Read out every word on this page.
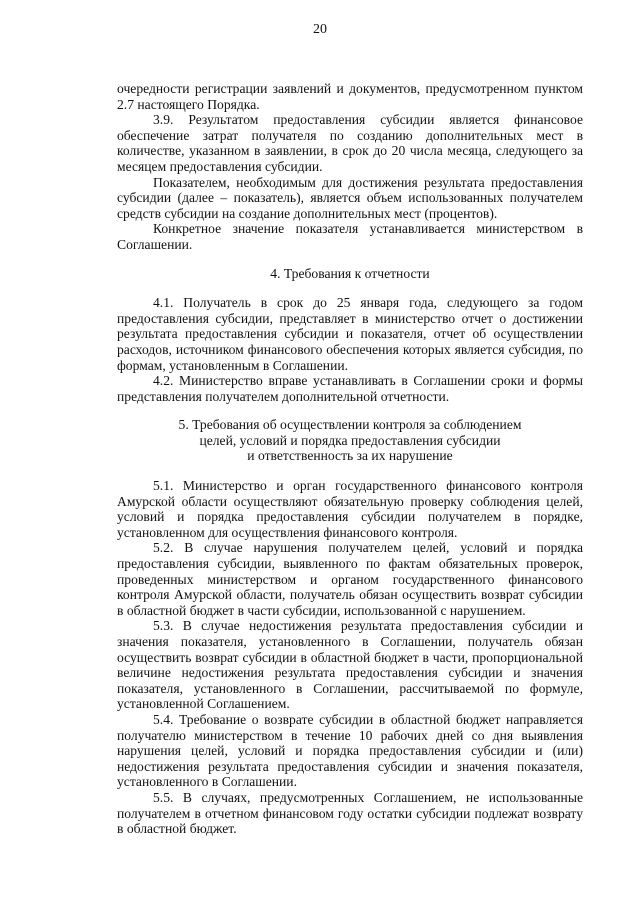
20

очередности регистрации заявлений и документов, предусмотренном пунктом 2.7 настоящего Порядка.

3.9. Результатом предоставления субсидии является финансовое обеспечение затрат получателя по созданию дополнительных мест в количестве, указанном в заявлении, в срок до 20 числа месяца, следующего за месяцем предоставления субсидии.

Показателем, необходимым для достижения результата предоставления субсидии (далее – показатель), является объем использованных получателем средств субсидии на создание дополнительных мест (процентов).

Конкретное значение показателя устанавливается министерством в Соглашении.

4. Требования к отчетности

4.1. Получатель в срок до 25 января года, следующего за годом предоставления субсидии, представляет в министерство отчет о достижении результата предоставления субсидии и показателя, отчет об осуществлении расходов, источником финансового обеспечения которых является субсидия, по формам, установленным в Соглашении.

4.2. Министерство вправе устанавливать в Соглашении сроки и формы представления получателем дополнительной отчетности.

5. Требования об осуществлении контроля за соблюдением

целей, условий и порядка предоставления субсидии

и ответственность за их нарушение

5.1. Министерство и орган государственного финансового контроля Амурской области осуществляют обязательную проверку соблюдения целей, условий и порядка предоставления субсидии получателем в порядке, установленном для осуществления финансового контроля.

5.2. В случае нарушения получателем целей, условий и порядка предоставления субсидии, выявленного по фактам обязательных проверок, проведенных министерством и органом государственного финансового контроля Амурской области, получатель обязан осуществить возврат субсидии в областной бюджет в части субсидии, использованной с нарушением.

5.3. В случае недостижения результата предоставления субсидии и значения показателя, установленного в Соглашении, получатель обязан осуществить возврат субсидии в областной бюджет в части, пропорциональной величине недостижения результата предоставления субсидии и значения показателя, установленного в Соглашении, рассчитываемой по формуле, установленной Соглашением.

5.4. Требование о возврате субсидии в областной бюджет направляется получателю министерством в течение 10 рабочих дней со дня выявления нарушения целей, условий и порядка предоставления субсидии и (или) недостижения результата предоставления субсидии и значения показателя, установленного в Соглашении.

5.5. В случаях, предусмотренных Соглашением, не использованные получателем в отчетном финансовом году остатки субсидии подлежат возврату в областной бюджет.
